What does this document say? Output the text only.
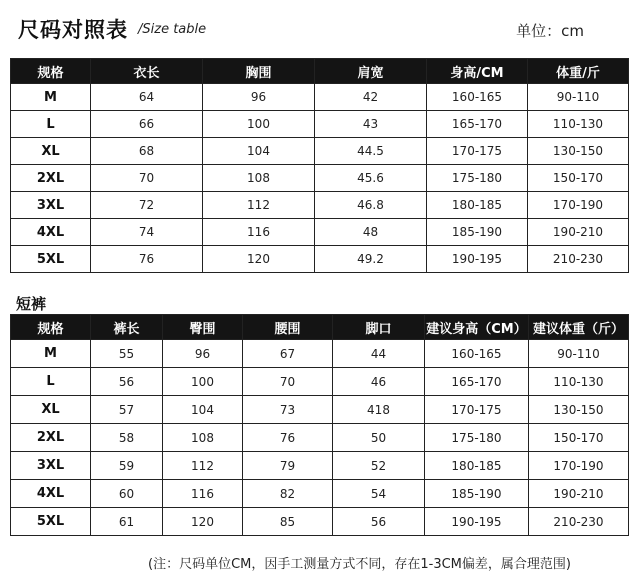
尺码对照表 /Size table	单位：cm
规格	衣长	胸围	肩宽	身高/CM	体重/斤
M	64	96	42	160-165	90-110
L	66	100	43	165-170	110-130
XL	68	104	44.5	170-175	130-150
2XL	70	108	45.6	175-180	150-170
3XL	72	112	46.8	180-185	170-190
4XL	74	116	48	185-190	190-210
5XL	76	120	49.2	190-195	210-230
短裤
规格	裤长	臀围	腰围	脚口	建议身高（CM）	建议体重（斤）
M	55	96	67	44	160-165	90-110
L	56	100	70	46	165-170	110-130
XL	57	104	73	418	170-175	130-150
2XL	58	108	76	50	175-180	150-170
3XL	59	112	79	52	180-185	170-190
4XL	60	116	82	54	185-190	190-210
5XL	61	120	85	56	190-195	210-230
(注：尺码单位CM，因手工测量方式不同，存在1-3CM偏差，属合理范围)
